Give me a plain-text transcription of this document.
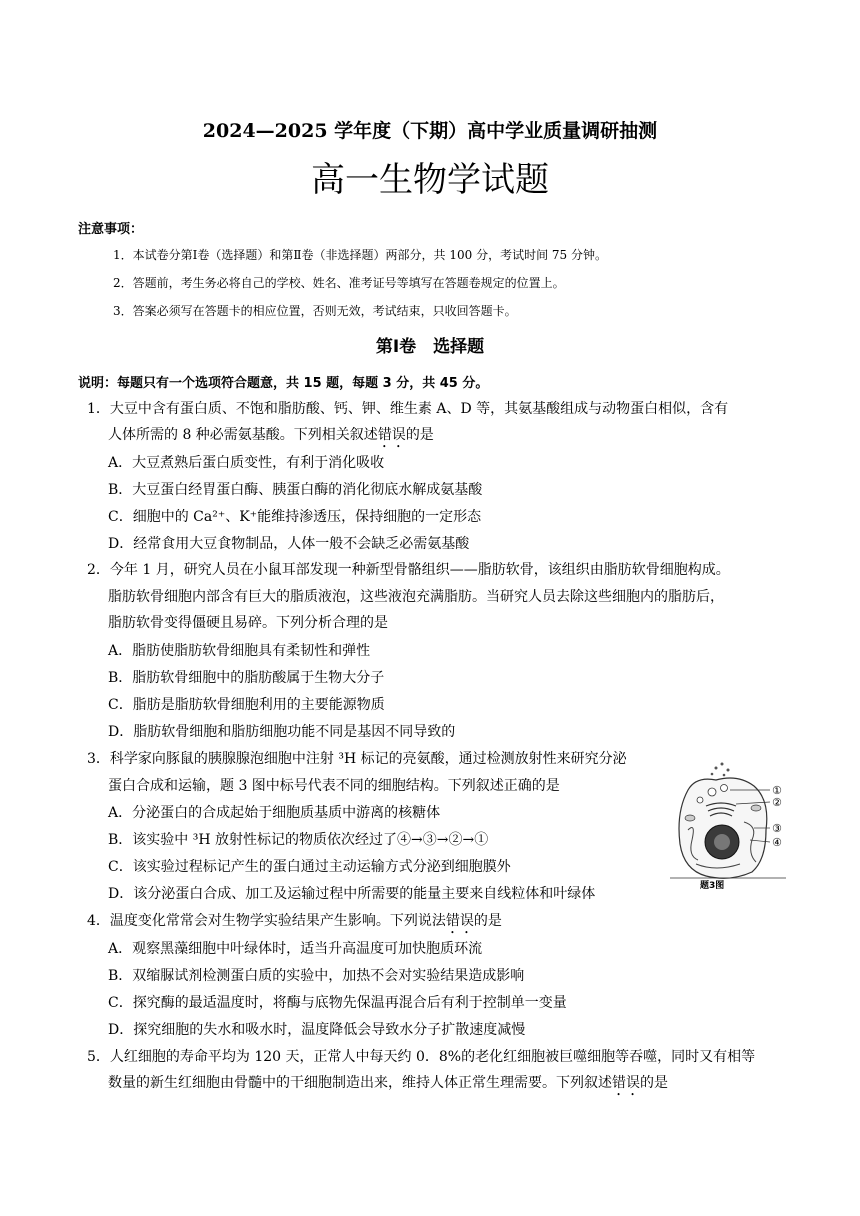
2024—2025 学年度（下期）高中学业质量调研抽测
高一生物学试题
注意事项：
1．本试卷分第Ⅰ卷（选择题）和第Ⅱ卷（非选择题）两部分，共 100 分，考试时间 75 分钟。
2．答题前，考生务必将自己的学校、姓名、准考证号等填写在答题卷规定的位置上。
3．答案必须写在答题卡的相应位置，否则无效，考试结束，只收回答题卡。
第Ⅰ卷　选择题
说明：每题只有一个选项符合题意，共 15 题，每题 3 分，共 45 分。
1．大豆中含有蛋白质、不饱和脂肪酸、钙、钾、维生素 A、D 等，其氨基酸组成与动物蛋白相似，含有
人体所需的 8 种必需氨基酸。下列相关叙述错误的是
A．大豆煮熟后蛋白质变性，有利于消化吸收
B．大豆蛋白经胃蛋白酶、胰蛋白酶的消化彻底水解成氨基酸
C．细胞中的 Ca²⁺、K⁺能维持渗透压，保持细胞的一定形态
D．经常食用大豆食物制品，人体一般不会缺乏必需氨基酸
2．今年 1 月，研究人员在小鼠耳部发现一种新型骨骼组织——脂肪软骨，该组织由脂肪软骨细胞构成。
脂肪软骨细胞内部含有巨大的脂质液泡，这些液泡充满脂肪。当研究人员去除这些细胞内的脂肪后，
脂肪软骨变得僵硬且易碎。下列分析合理的是
A．脂肪使脂肪软骨细胞具有柔韧性和弹性
B．脂肪软骨细胞中的脂肪酸属于生物大分子
C．脂肪是脂肪软骨细胞利用的主要能源物质
D．脂肪软骨细胞和脂肪细胞功能不同是基因不同导致的
3．科学家向豚鼠的胰腺腺泡细胞中注射 ³H 标记的亮氨酸，通过检测放射性来研究分泌
蛋白合成和运输，题 3 图中标号代表不同的细胞结构。下列叙述正确的是
A．分泌蛋白的合成起始于细胞质基质中游离的核糖体
B．该实验中 ³H 放射性标记的物质依次经过了④→③→②→①
C．该实验过程标记产生的蛋白通过主动运输方式分泌到细胞膜外
D．该分泌蛋白合成、加工及运输过程中所需要的能量主要来自线粒体和叶绿体
①
②
③
④
题3图
4．温度变化常常会对生物学实验结果产生影响。下列说法错误的是
A．观察黑藻细胞中叶绿体时，适当升高温度可加快胞质环流
B．双缩脲试剂检测蛋白质的实验中，加热不会对实验结果造成影响
C．探究酶的最适温度时，将酶与底物先保温再混合后有利于控制单一变量
D．探究细胞的失水和吸水时，温度降低会导致水分子扩散速度减慢
5．人红细胞的寿命平均为 120 天，正常人中每天约 0．8%的老化红细胞被巨噬细胞等吞噬，同时又有相等
数量的新生红细胞由骨髓中的干细胞制造出来，维持人体正常生理需要。下列叙述错误的是
